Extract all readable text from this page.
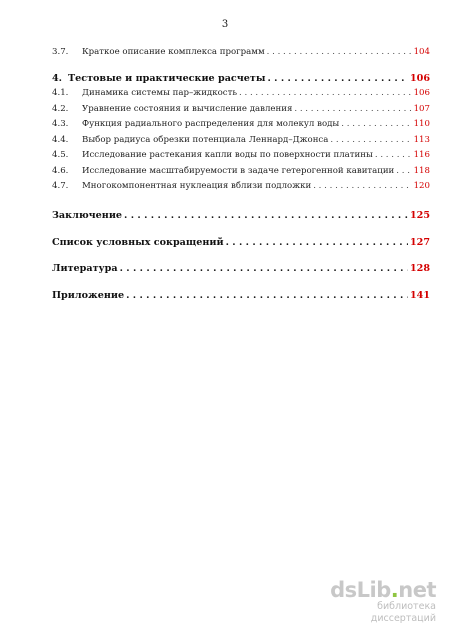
3
3.7.	Краткое описание комплекса программ . . .	104
4. Тестовые и практические расчеты . . .	106
4.1.	Динамика системы пар–жидкость . . .	106
4.2.	Уравнение состояния и вычисление давления . . .	107
4.3.	Функция радиального распределения для молекул воды . . .	110
4.4.	Выбор радиуса обрезки потенциала Леннард–Джонса . . .	113
4.5.	Исследование растекания капли воды по поверхности платины . . .	116
4.6.	Исследование масштабируемости в задаче гетерогенной кавитации . . . 118
4.7.	Многокомпонентная нуклеация вблизи подложки . . .	120
Заключение . . .	125
Список условных сокращений . . .	127
Литература . . .	128
Приложение . . .	141
dsLib.net
библиотека диссертаций
